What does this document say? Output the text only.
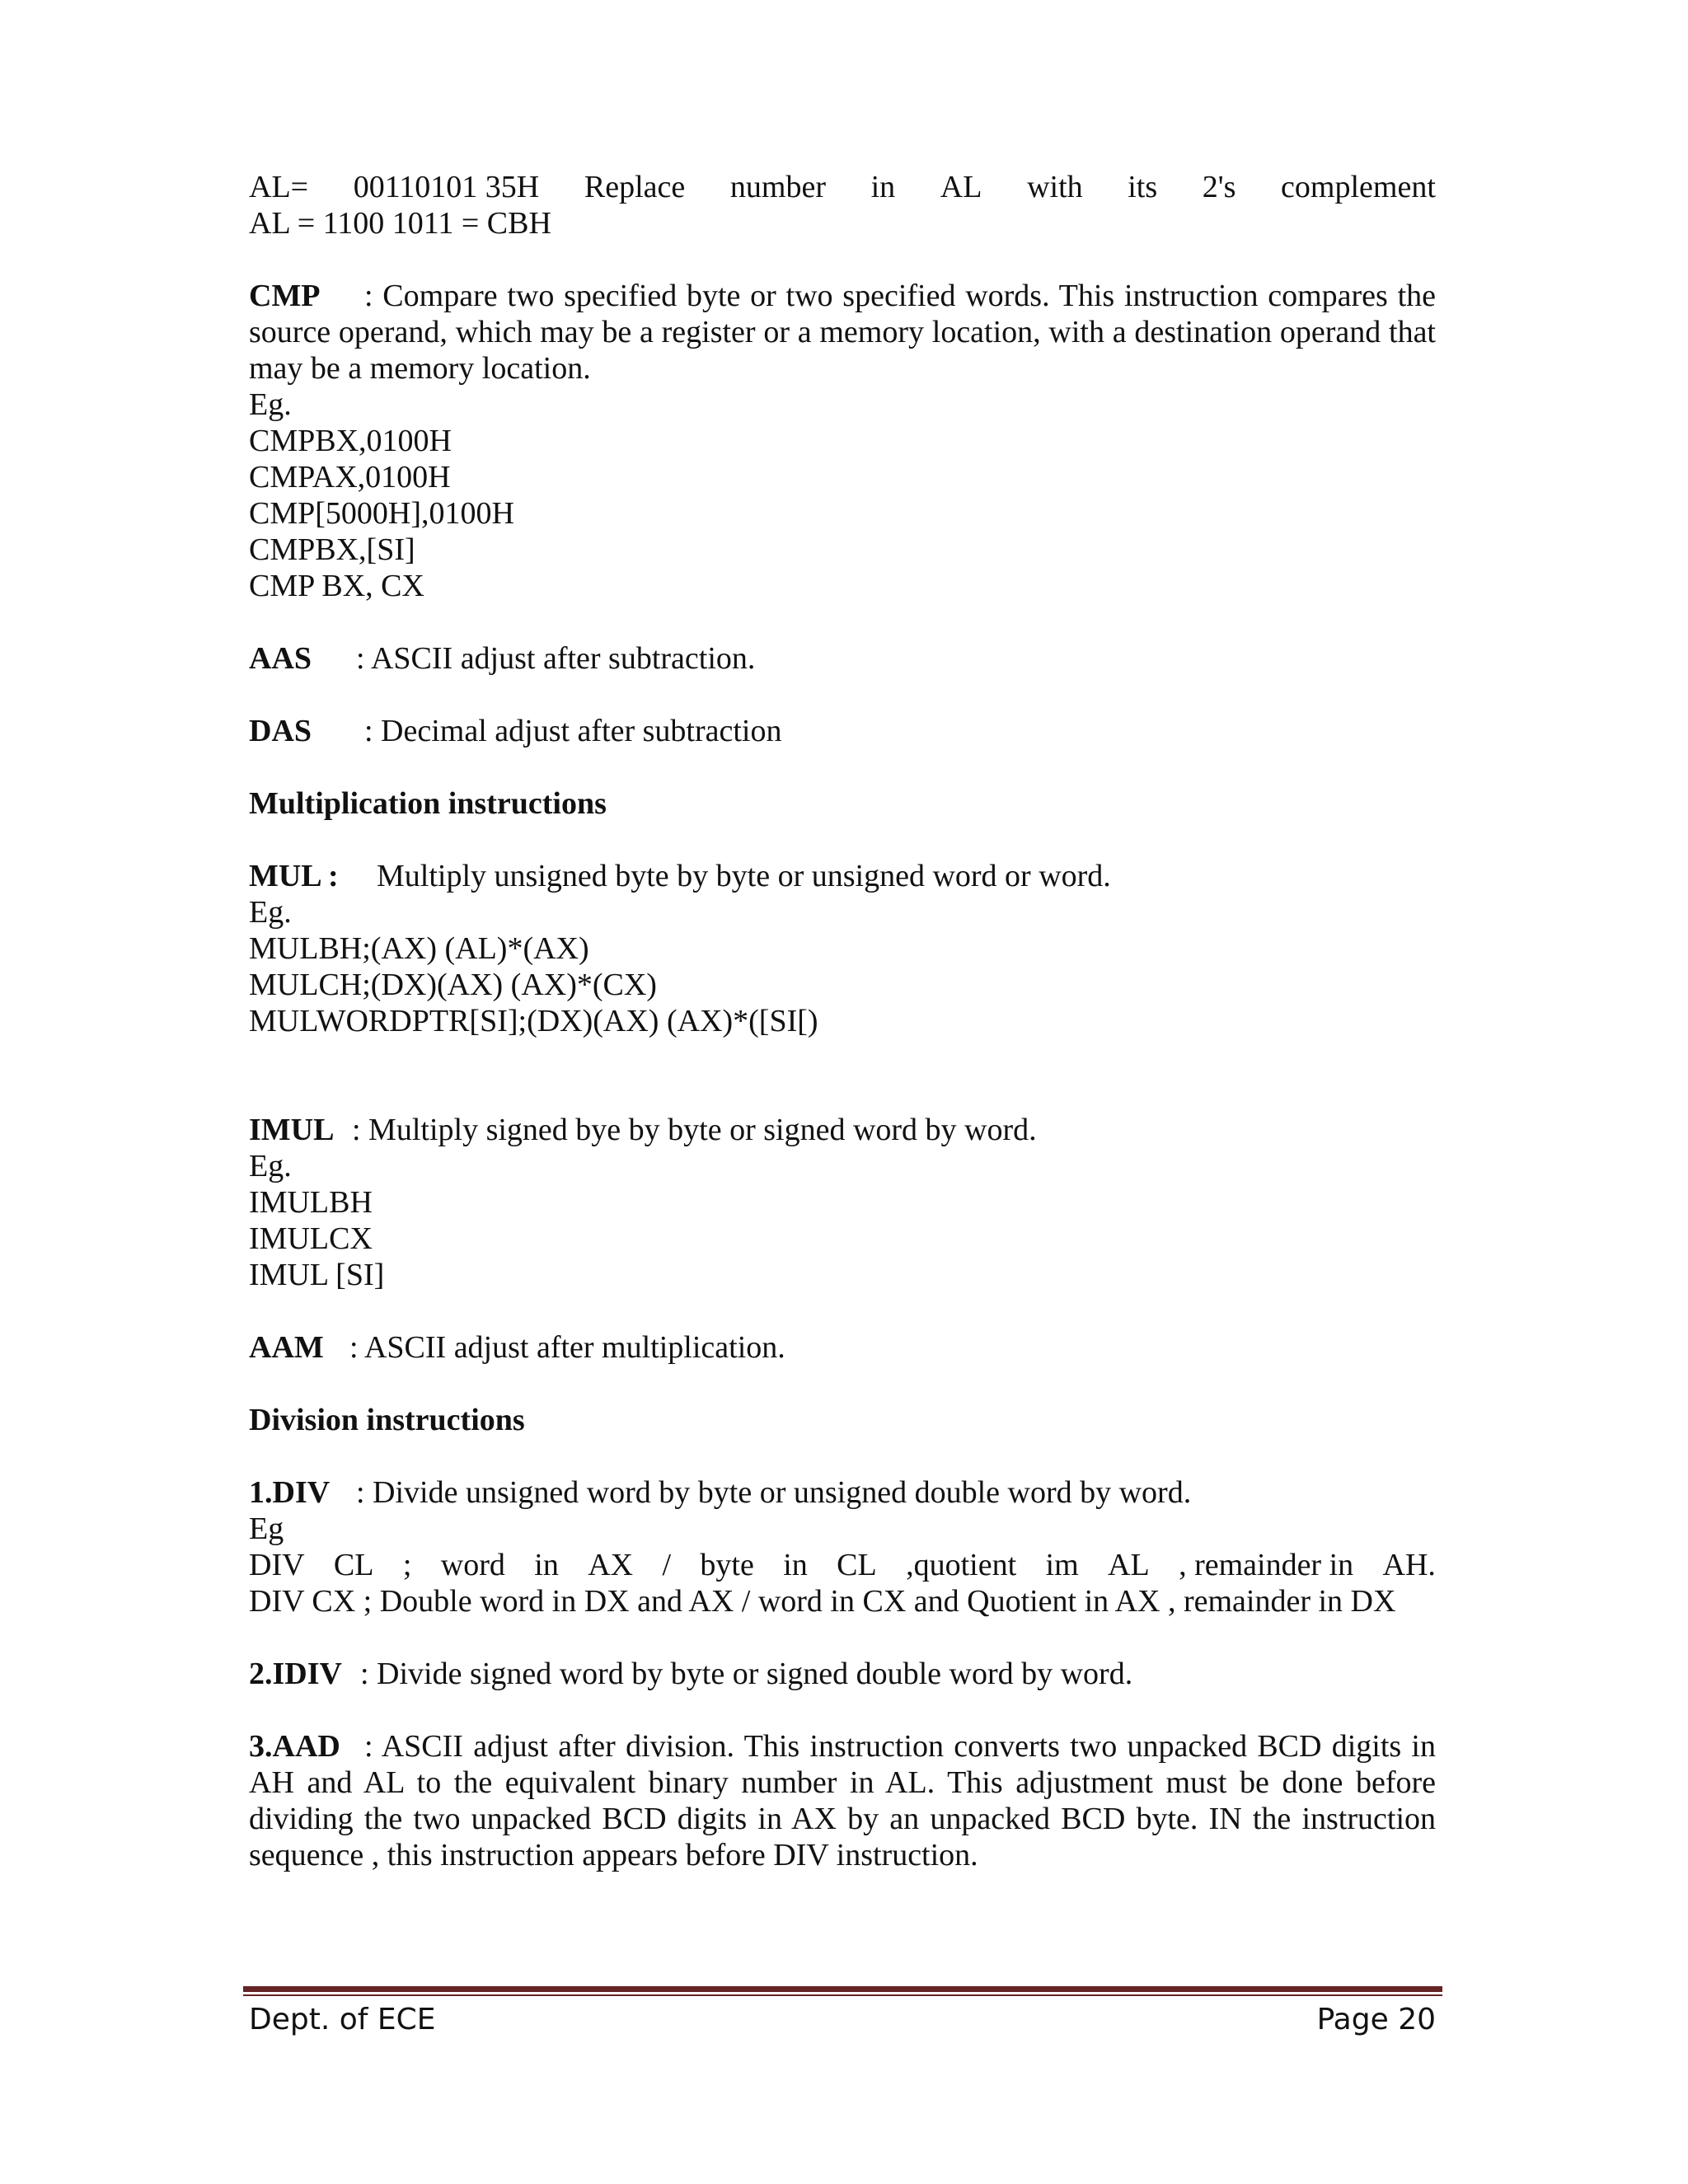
AL= 00110101 35H Replace number in AL with its 2's complement
AL = 1100 1011 = CBH
CMP : Compare two specified byte or two specified words. This instruction compares the source operand, which may be a register or a memory location, with a destination operand that may be a memory location.
Eg.
CMPBX,0100H
CMPAX,0100H
CMP[5000H],0100H
CMPBX,[SI]
CMP BX, CX
AAS : ASCII adjust after subtraction.
DAS : Decimal adjust after subtraction
Multiplication instructions
MUL : Multiply unsigned byte by byte or unsigned word or word.
Eg.
MULBH;(AX) (AL)*(AX)
MULCH;(DX)(AX) (AX)*(CX)
MULWORDPTR[SI];(DX)(AX) (AX)*([SI[)
IMUL : Multiply signed bye by byte or signed word by word.
Eg.
IMULBH
IMULCX
IMUL [SI]
AAM : ASCII adjust after multiplication.
Division instructions
1.DIV : Divide unsigned word by byte or unsigned double word by word.
Eg
DIV CL ; word in AX / byte in CL ,quotient im AL , remainder in AH.
DIV CX ; Double word in DX and AX / word in CX and Quotient in AX , remainder in DX
2.IDIV : Divide signed word by byte or signed double word by word.
3.AAD : ASCII adjust after division. This instruction converts two unpacked BCD digits in AH and AL to the equivalent binary number in AL. This adjustment must be done before dividing the two unpacked BCD digits in AX by an unpacked BCD byte. IN the instruction sequence , this instruction appears before DIV instruction.
Dept. of ECE	Page 20
